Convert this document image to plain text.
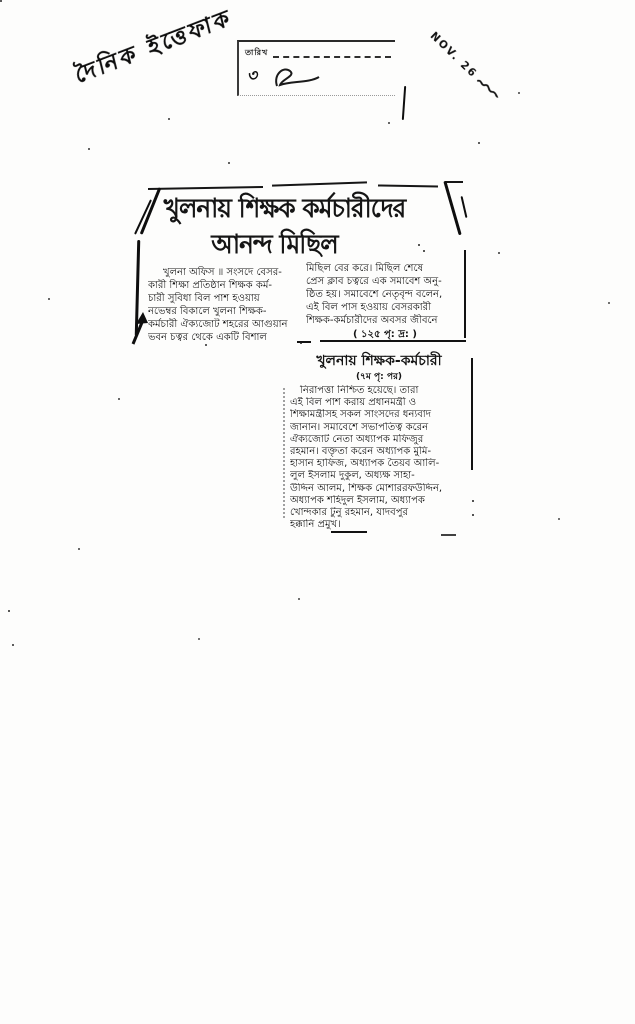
দৈনিক ইত্তেফাক তারিখ
৩	NOV. 26
খুলনায় শিক্ষক কর্মচারীদের
আনন্দ মিছিল
খুলনা অফিস ॥ সংসদে বেসর-
কারী শিক্ষা প্রতিষ্ঠান শিক্ষক কর্ম-
চারী সুবিধা বিল পাশ হওয়ায়
নভেম্বর বিকালে খুলনা শিক্ষক-
কর্মচারী ঐক্যজোট শহরের আগুয়ান
ভবন চত্বর থেকে একটি বিশাল
মিছিল বের করে। মিছিল শেষে
প্রেস ক্লাব চত্বরে এক সমাবেশ অনু-
ষ্ঠিত হয়। সমাবেশে নেতৃবৃন্দ বলেন,
এই বিল পাস হওয়ায় বেসরকারী
শিক্ষক-কর্মচারীদের অবসর জীবনে
( ১২৫ পৃ: দ্র: )
খুলনায় শিক্ষক-কর্মচারী
(৭ম পৃ: পর)
নিরাপত্তা নিশ্চিত হয়েছে। তারা
এই বিল পাশ করায় প্রধানমন্ত্রী ও
শিক্ষামন্ত্রীসহ সকল সাংসদের ধন্যবাদ
জানান। সমাবেশে সভাপতিত্ব করেন
ঐক্যজোট নেতা অধ্যাপক মফিজুর
রহমান। বক্তৃতা করেন অধ্যাপক মুমি-
হাসান হাফিজ, অধ্যাপক তৈয়ব আলি-
লুল ইসলাম দুকুল, অধ্যক্ষ সাহা-
উদ্দিন আলম, শিক্ষক মোশাররফউদ্দিন,
অধ্যাপক শহিদুল ইসলাম, অধ্যাপক
খোন্দকার টুনু রহমান, যাদবপুর
হক্কানি প্রমুখ।
